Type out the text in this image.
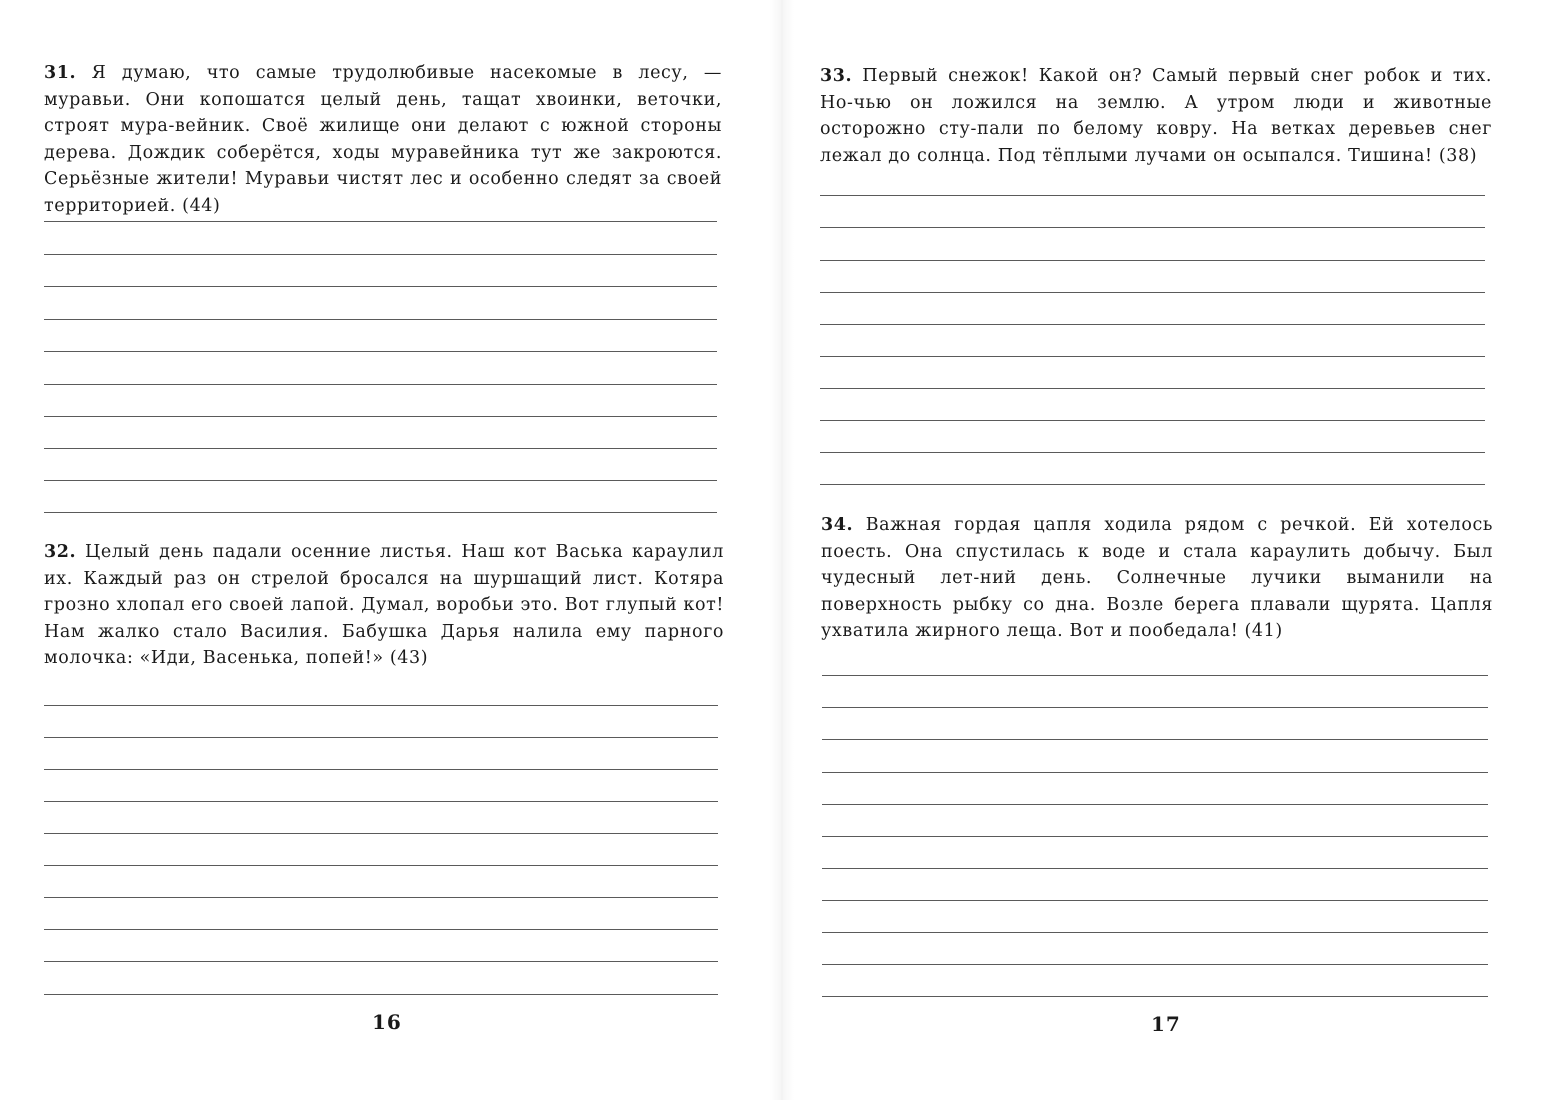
31. Я думаю, что самые трудолюбивые насекомые в лесу, — муравьи. Они копошатся целый день, тащат хвоинки, веточки, строят мура-вейник. Своё жилище они делают с южной стороны дерева. Дождик соберётся, ходы муравейника тут же закроются. Серьёзные жители! Муравьи чистят лес и особенно следят за своей территорией. (44)

32. Целый день падали осенние листья. Наш кот Васька караулил их. Каждый раз он стрелой бросался на шуршащий лист. Котяра грозно хлопал его своей лапой. Думал, воробьи это. Вот глупый кот! Нам жалко стало Василия. Бабушка Дарья налила ему парного молочка: «Иди, Васенька, попей!» (43)

16

33. Первый снежок! Какой он? Самый первый снег робок и тих. Но-чью он ложился на землю. А утром люди и животные осторожно сту-пали по белому ковру. На ветках деревьев снег лежал до солнца. Под тёплыми лучами он осыпался. Тишина! (38)

34. Важная гордая цапля ходила рядом с речкой. Ей хотелось поесть. Она спустилась к воде и стала караулить добычу. Был чудесный лет-ний день. Солнечные лучики выманили на поверхность рыбку со дна. Возле берега плавали щурята. Цапля ухватила жирного леща. Вот и пообедала! (41)

17
